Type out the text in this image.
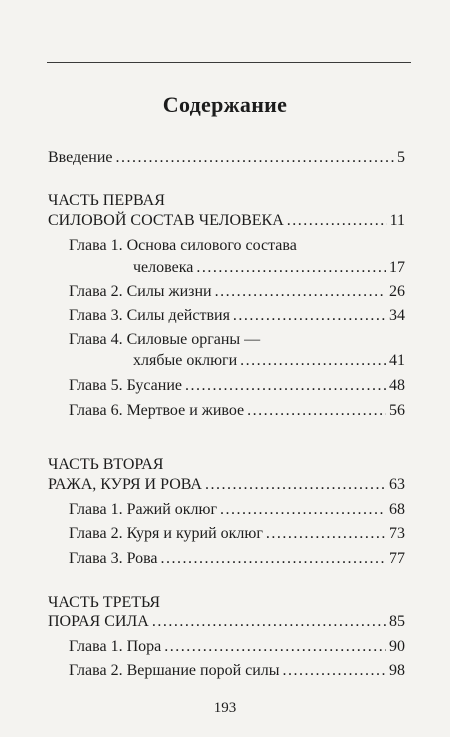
Содержание
Введение .....	5
ЧАСТЬ ПЕРВАЯ
СИЛОВОЙ СОСТАВ ЧЕЛОВЕКА .....	11
Глава 1. Основа силового состава
человека .....	17
Глава 2. Силы жизни .....	26
Глава 3. Силы действия .....	34
Глава 4. Силовые органы —
хлябые оклюги .....	41
Глава 5. Бусание .....	48
Глава 6. Мертвое и живое .....	56
ЧАСТЬ ВТОРАЯ
РАЖА, КУРЯ И РОВА .....	63
Глава 1. Ражий оклюг .....	68
Глава 2. Куря и курий оклюг .....	73
Глава 3. Рова .....	77
ЧАСТЬ ТРЕТЬЯ
ПОРАЯ СИЛА .....	85
Глава 1. Пора .....	90
Глава 2. Вершание порой силы .....	98
193
